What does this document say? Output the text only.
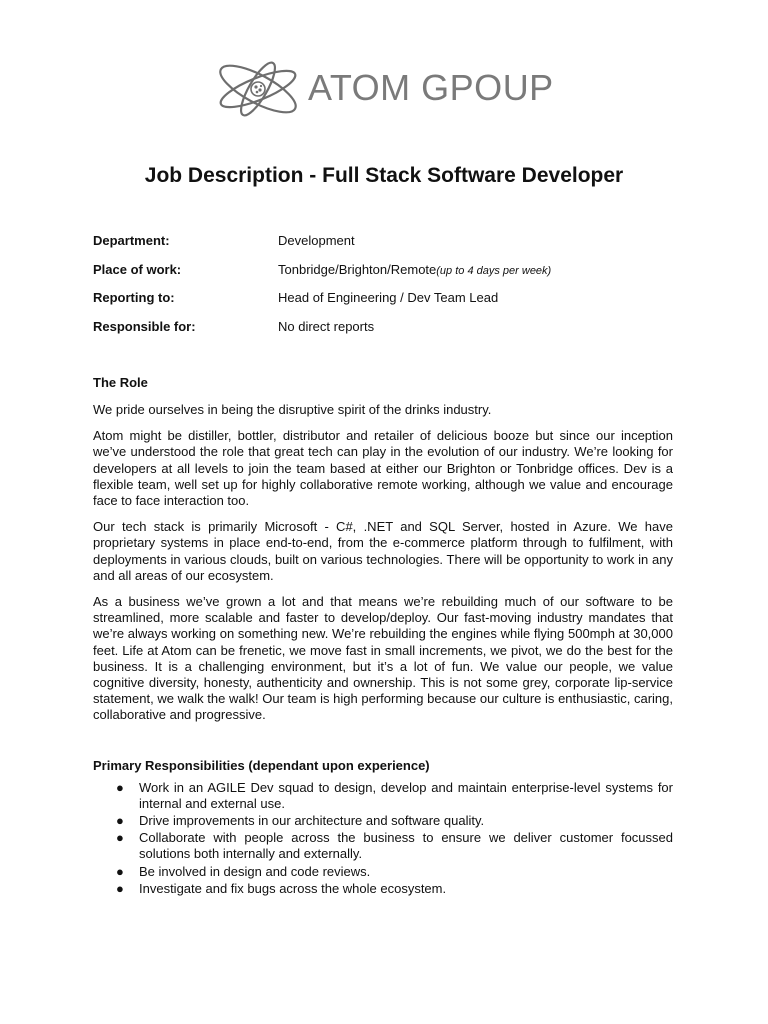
ATOM GPOUP
Job Description - Full Stack Software Developer
Department:	Development
Place of work:	Tonbridge/Brighton/Remote(up to 4 days per week)
Reporting to:	Head of Engineering / Dev Team Lead
Responsible for:	No direct reports

The Role

We pride ourselves in being the disruptive spirit of the drinks industry.

Atom might be distiller, bottler, distributor and retailer of delicious booze but since our inception we’ve understood the role that great tech can play in the evolution of our industry. We’re looking for developers at all levels to join the team based at either our Brighton or Tonbridge offices. Dev is a flexible team, well set up for highly collaborative remote working, although we value and encourage face to face interaction too.

Our tech stack is primarily Microsoft - C#, .NET and SQL Server, hosted in Azure. We have proprietary systems in place end-to-end, from the e-commerce platform through to fulfilment, with deployments in various clouds, built on various technologies. There will be opportunity to work in any and all areas of our ecosystem.

As a business we’ve grown a lot and that means we’re rebuilding much of our software to be streamlined, more scalable and faster to develop/deploy. Our fast-moving industry mandates that we’re always working on something new. We’re rebuilding the engines while flying 500mph at 30,000 feet. Life at Atom can be frenetic, we move fast in small increments, we pivot, we do the best for the business. It is a challenging environment, but it’s a lot of fun. We value our people, we value cognitive diversity, honesty, authenticity and ownership. This is not some grey, corporate lip-service statement, we walk the walk! Our team is high performing because our culture is enthusiastic, caring, collaborative and progressive.

Primary Responsibilities (dependant upon experience)

● Work in an AGILE Dev squad to design, develop and maintain enterprise-level systems for internal and external use.
● Drive improvements in our architecture and software quality.
● Collaborate with people across the business to ensure we deliver customer focussed solutions both internally and externally.
● Be involved in design and code reviews.
● Investigate and fix bugs across the whole ecosystem.
